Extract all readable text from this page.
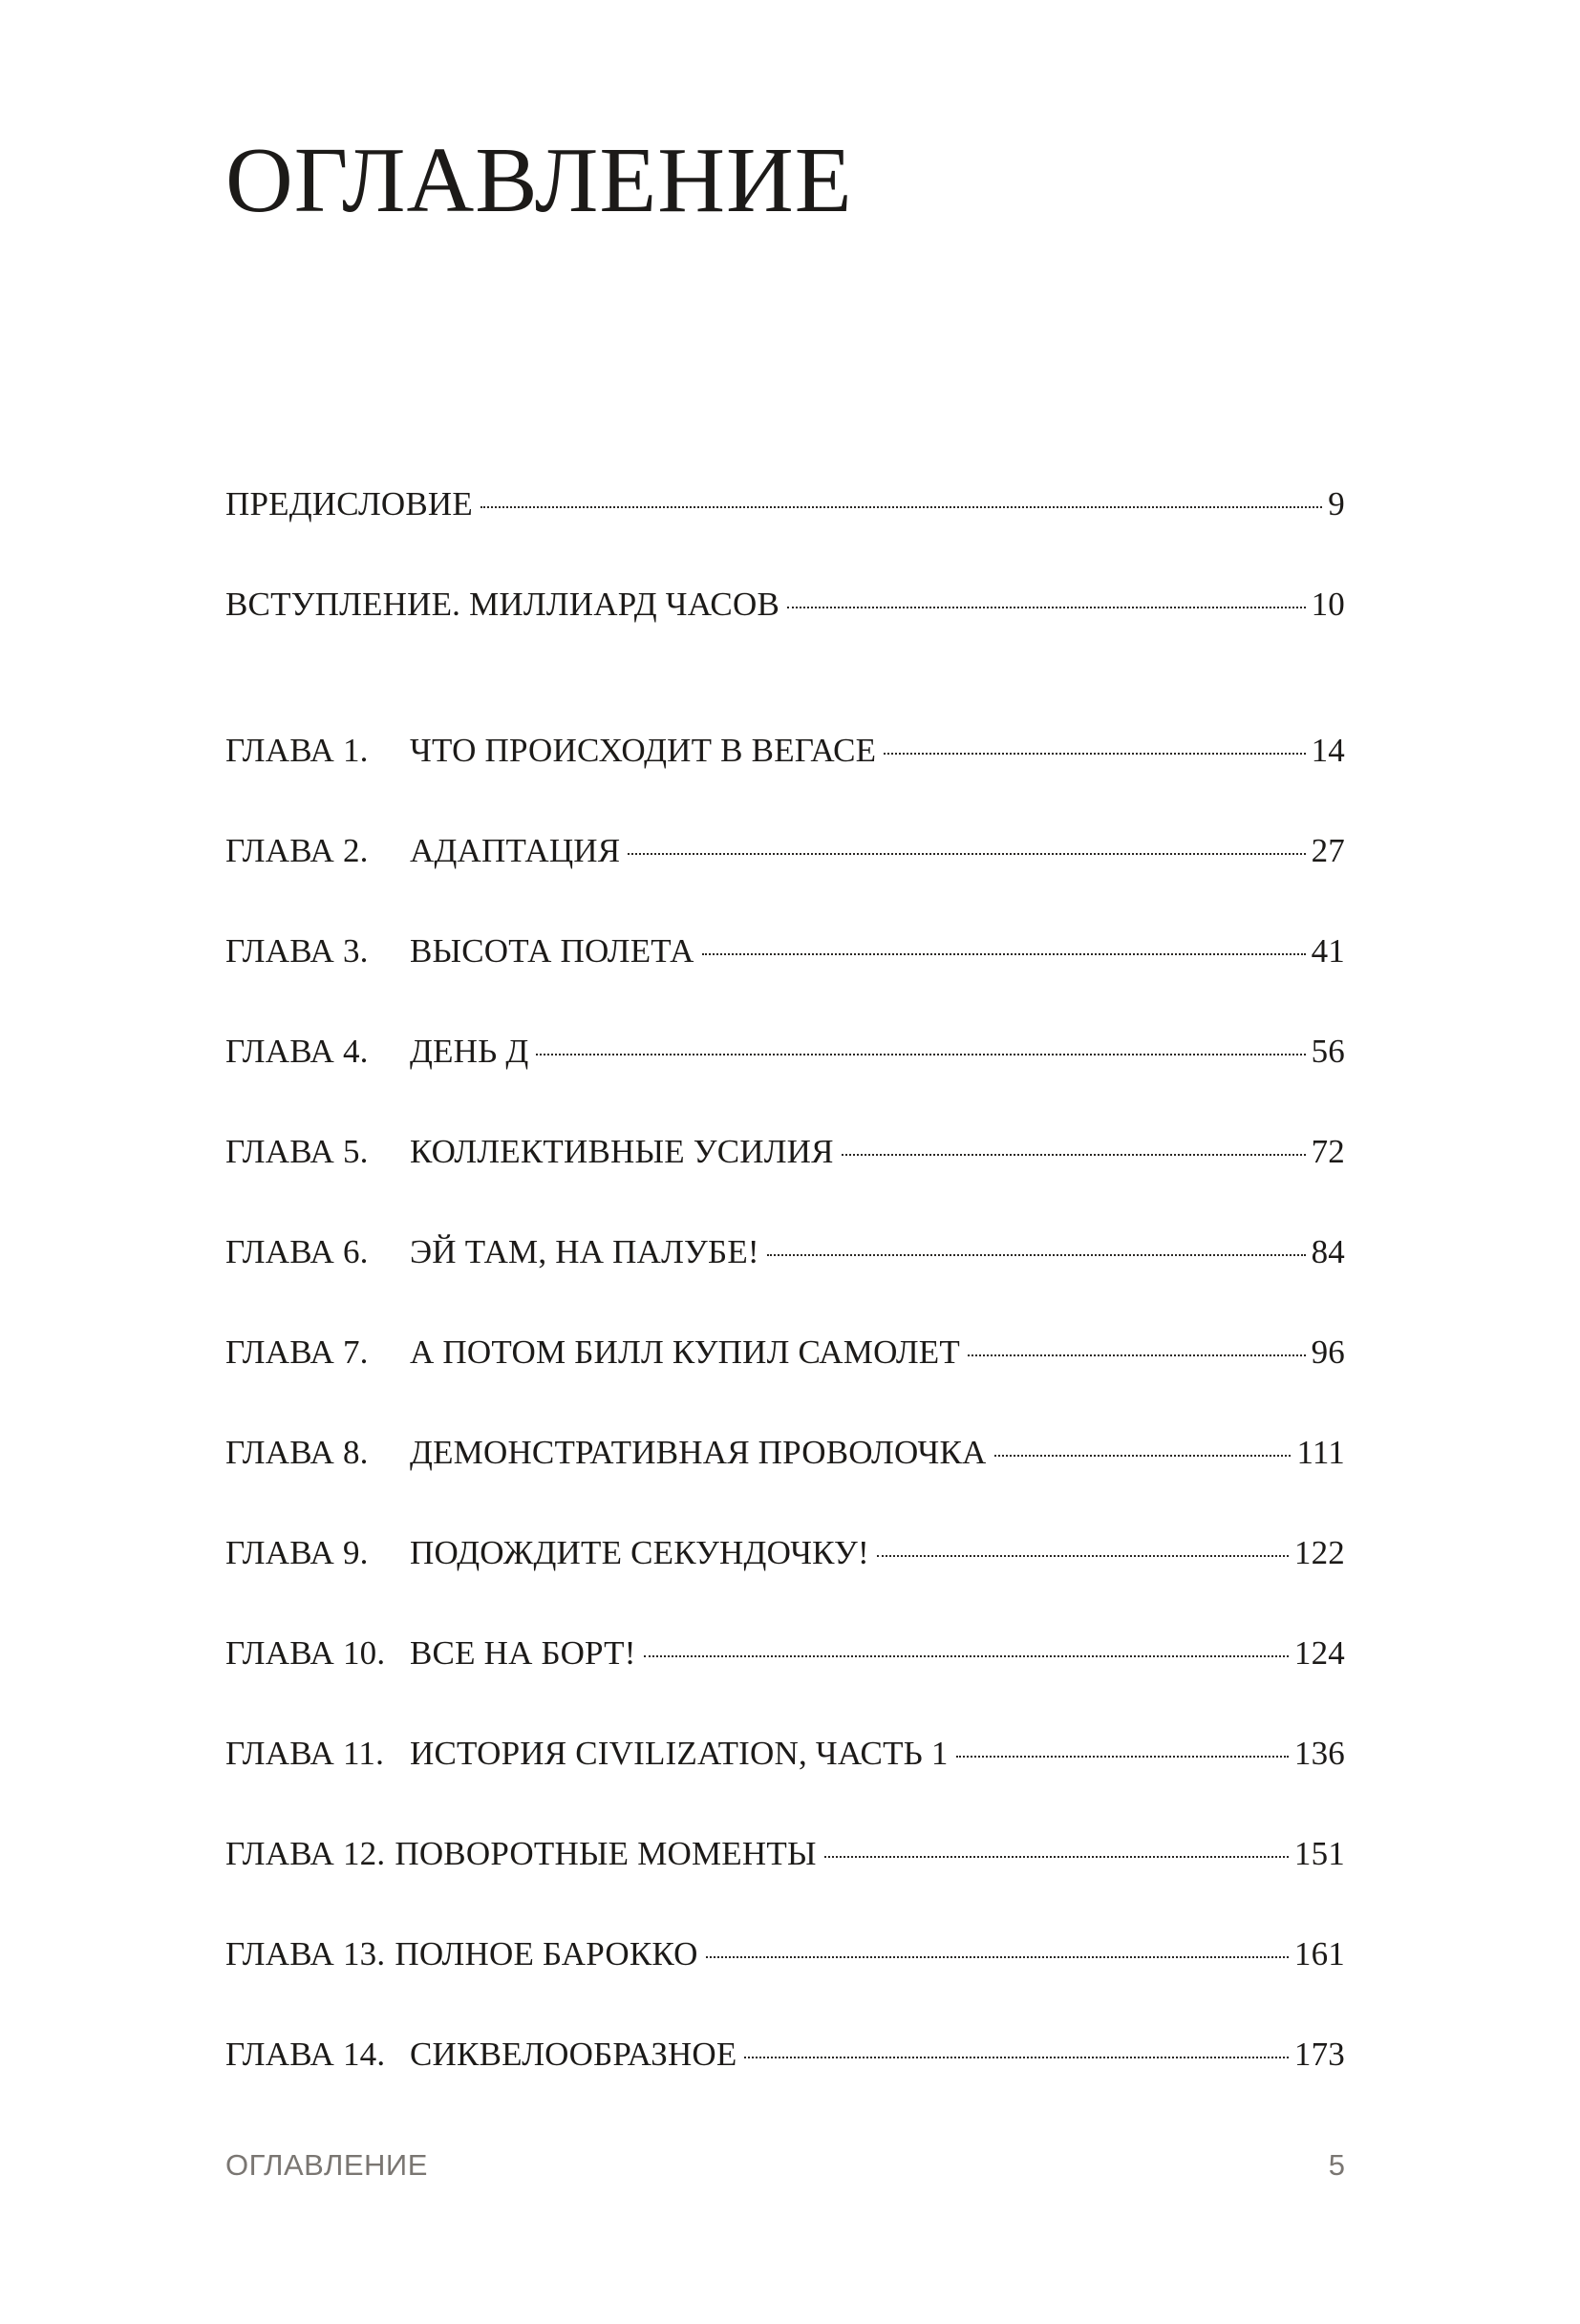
ОГЛАВЛЕНИЕ
ПРЕДИСЛОВИЕ	9
ВСТУПЛЕНИЕ. МИЛЛИАРД ЧАСОВ	10
ГЛАВА 1.	ЧТО ПРОИСХОДИТ В ВЕГАСЕ	14
ГЛАВА 2.	АДАПТАЦИЯ	27
ГЛАВА 3.	ВЫСОТА ПОЛЕТА	41
ГЛАВА 4.	ДЕНЬ Д	56
ГЛАВА 5.	КОЛЛЕКТИВНЫЕ УСИЛИЯ	72
ГЛАВА 6.	ЭЙ ТАМ, НА ПАЛУБЕ!	84
ГЛАВА 7.	А ПОТОМ БИЛЛ КУПИЛ САМОЛЕТ	96
ГЛАВА 8.	ДЕМОНСТРАТИВНАЯ ПРОВОЛОЧКА	111
ГЛАВА 9.	ПОДОЖДИТЕ СЕКУНДОЧКУ!	122
ГЛАВА 10. ВСЕ НА БОРТ!	124
ГЛАВА 11. ИСТОРИЯ CIVILIZATION, ЧАСТЬ 1	136
ГЛАВА 12. ПОВОРОТНЫЕ МОМЕНТЫ	151
ГЛАВА 13. ПОЛНОЕ БАРОККО	161
ГЛАВА 14. СИКВЕЛООБРАЗНОЕ	173
ОГЛАВЛЕНИЕ	5
